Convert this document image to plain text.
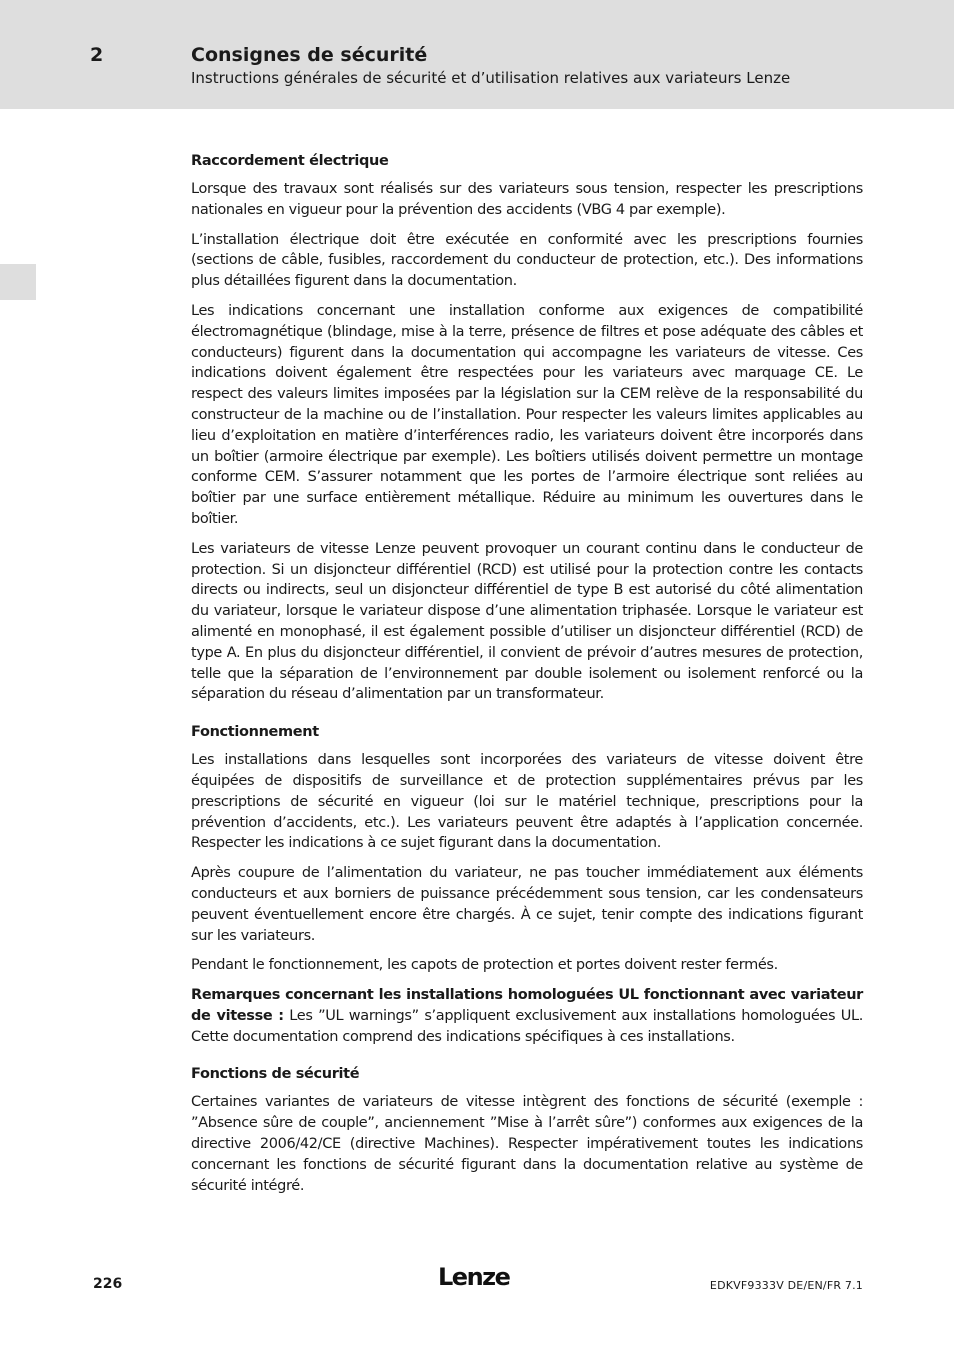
2	Consignes de sécurité
Instructions générales de sécurité et d’utilisation relatives aux variateurs Lenze
Raccordement électrique

Lorsque des travaux sont réalisés sur des variateurs sous tension, respecter les prescriptions nationales en vigueur pour la prévention des accidents (VBG 4 par exemple).

L’installation électrique doit être exécutée en conformité avec les prescriptions fournies (sections de câble, fusibles, raccordement du conducteur de protection, etc.). Des informations plus détaillées figurent dans la documentation.

Les indications concernant une installation conforme aux exigences de compatibilité électromagnétique (blindage, mise à la terre, présence de filtres et pose adéquate des câbles et conducteurs) figurent dans la documentation qui accompagne les variateurs de vitesse. Ces indications doivent également être respectées pour les variateurs avec marquage CE. Le respect des valeurs limites imposées par la législation sur la CEM relève de la responsabilité du constructeur de la machine ou de l’installation. Pour respecter les valeurs limites applicables au lieu d’exploitation en matière d’interférences radio, les variateurs doivent être incorporés dans un boîtier (armoire électrique par exemple). Les boîtiers utilisés doivent permettre un montage conforme CEM. S’assurer notamment que les portes de l’armoire électrique sont reliées au boîtier par une surface entièrement métallique. Réduire au minimum les ouvertures dans le boîtier.

Les variateurs de vitesse Lenze peuvent provoquer un courant continu dans le conducteur de protection. Si un disjoncteur différentiel (RCD) est utilisé pour la protection contre les contacts directs ou indirects, seul un disjoncteur différentiel de type B est autorisé du côté alimentation du variateur, lorsque le variateur dispose d’une alimentation triphasée. Lorsque le variateur est alimenté en monophasé, il est également possible d’utiliser un disjoncteur différentiel (RCD) de type A. En plus du disjoncteur différentiel, il convient de prévoir d’autres mesures de protection, telle que la séparation de l’environnement par double isolement ou isolement renforcé ou la séparation du réseau d’alimentation par un transformateur.

Fonctionnement

Les installations dans lesquelles sont incorporées des variateurs de vitesse doivent être équipées de dispositifs de surveillance et de protection supplémentaires prévus par les prescriptions de sécurité en vigueur (loi sur le matériel technique, prescriptions pour la prévention d’accidents, etc.). Les variateurs peuvent être adaptés à l’application concernée. Respecter les indications à ce sujet figurant dans la documentation.

Après coupure de l’alimentation du variateur, ne pas toucher immédiatement aux éléments conducteurs et aux borniers de puissance précédemment sous tension, car les condensateurs peuvent éventuellement encore être chargés. À ce sujet, tenir compte des indications figurant sur les variateurs.

Pendant le fonctionnement, les capots de protection et portes doivent rester fermés.

Remarques concernant les installations homologuées UL fonctionnant avec variateur de vitesse : Les ”UL warnings” s’appliquent exclusivement aux installations homologuées UL. Cette documentation comprend des indications spécifiques à ces installations.

Fonctions de sécurité

Certaines variantes de variateurs de vitesse intègrent des fonctions de sécurité (exemple : ”Absence sûre de couple”, anciennement ”Mise à l’arrêt sûre”) conformes aux exigences de la directive 2006/42/CE (directive Machines). Respecter impérativement toutes les indications concernant les fonctions de sécurité figurant dans la documentation relative au système de sécurité intégré.

226	Lenze	EDKVF9333V DE/EN/FR 7.1
